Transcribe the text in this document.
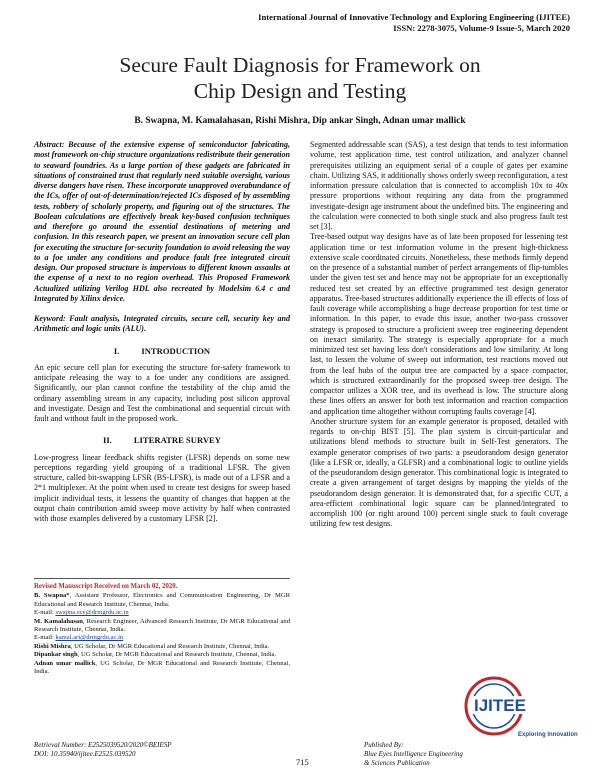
International Journal of Innovative Technology and Exploring Engineering (IJITEE)
ISSN: 2278-3075, Volume-9 Issue-5, March 2020
Secure Fault Diagnosis for Framework on
Chip Design and Testing
B. Swapna, M. Kamalahasan, Rishi Mishra, Dip ankar Singh, Adnan umar mallick

Abstract: Because of the extensive expense of semiconductor fabricating, most framework on-chip structure organizations redistribute their generation to seaward foundries. As a large portion of these gadgets are fabricated in situations of constrained trust that regularly need suitable oversight, various diverse dangers have risen. These incorporate unapproved overabundance of the ICs, offer of out-of-determination/rejected ICs disposed of by assembling tests, robbery of scholarly property, and figuring out of the structures. The Boolean calculations are effectively break key-based confusion techniques and therefore go around the essential destinations of metering and confusion. In this research paper, we present an innovation secure cell plan for executing the structure for-security foundation to avoid releasing the way to a foe under any conditions and produce fault free integrated circuit design. Our proposed structure is impervious to different known assaults at the expense of a next to no region overhead. This Proposed Framework Actualized utilizing Verilog HDL also recreated by Modelsim 6.4 c and Integrated by Xilinx device.

Keyword: Fault analysis, Integrated circuits, secure cell, security key and Arithmetic and logic units (ALU).

I.	INTRODUCTION

An epic secure cell plan for executing the structure for-safety framework to anticipate releasing the way to a foe under any conditions are assigned. Significantly, our plan cannot confine the testability of the chip amid the ordinary assembling stream in any capacity, including post silicon approval and investigate. Design and Test the combinational and sequential circuit with fault and without fault in the proposed work.

II.	LITERATRE SURVEY

Low-progress linear feedback shifts register (LFSR) depends on some new perceptions regarding yield grouping of a traditional LFSR. The given structure, called bit-swapping LFSR (BS-LFSR), is made out of a LFSR and a 2*1 multiplexer. At the point when used to create test designs for sweep based implicit individual tests, it lessens the quantity of changes that happen at the output chain contribution amid sweep move activity by half when contrasted with those examples delivered by a customary LFSR [2].

Revised Manuscript Received on March 02, 2020.
B. Swapna*, Assistant Professor, Electronics and Communication Engineering, Dr MGR Educational and Research Institute, Chennai, India.
E-mail: swapna.ece@drmgrdu.ac.in
M. Kamalahasan, Research Engineer, Advanced Research Institute, Dr MGR Educational and Research Institute, Chennai, India.
E-mail: kamal.ari@drmgrdu.ac.in
Rishi Mishra, UG Scholar, Dr MGR Educational and Research Institute, Chennai, India.
Dipankar singh, UG Scholar, Dr MGR Educational and Research Institute, Chennai, India.
Adnan umar mallick, UG Scholar, Dr MGR Educational and Research Institute, Chennai, India.

Segmented addressable scan (SAS), a test design that tends to test information volume, test application time, test control utilization, and analyzer channel prerequisites utilizing an equipment serial of a couple of gates per examine chain. Utilizing SAS, it additionally shows orderly sweep reconfiguration, a test information pressure calculation that is connected to accomplish 10x to 40x pressure proportions without requiring any data from the programmed investigate-design age instrument about the undefined bits. The engineering and the calculation were connected to both single stuck and also progress fault test set [3].

Tree-based output way designs have as of late been proposed for lessening test application time or test information volume in the present high-thickness extensive scale coordinated circuits. Nonetheless, these methods firmly depend on the presence of a substantial number of perfect arrangements of flip-tumbles under the given test set and hence may not be appropriate for an exceptionally reduced test set created by an effective programmed test design generator apparatus. Tree-based structures additionally experience the ill effects of loss of fault coverage while accomplishing a huge decrease proportion for test time or information. In this paper, to evade this issue, another two-pass crossover strategy is proposed to structure a proficient sweep tree engineering dependent on inexact similarity. The strategy is especially appropriate for a much minimized test set having less don't considerations and low similarity. At long last, to lessen the volume of sweep out information, test reactions moved out from the leaf hubs of the output tree are compacted by a space compactor, which is structured extraordinarily for the proposed sweep tree design. The compactor utilizes a XOR tree, and its overhead is low. The structure along these lines offers an answer for both test information and reaction compaction and application time altogether without corrupting faults coverage [4].

Another structure system for an example generator is proposed, detailed with regards to on-chip BIST [5]. The plan system is circuit-particular and utilizations blend methods to structure built in Self-Test generators. The example generator comprises of two parts: a pseudorandom design generator (like a LFSR or, ideally, a GLFSR) and a combinational logic to outline yields of the pseudorandom design generator. This combinational logic is integrated to create a given arrangement of target designs by mapping the yields of the pseudorandom design generator. It is demonstrated that, for a specific CUT, a area-efficient combinational logic square can be planned/integrated to accomplish 100 (or right around 100) percent single stuck to fault coverage utilizing few test designs.

IJITEE
Exploring Innovation
Retrieval Number: E2525039520/2020©BEIESP
DOI: 10.35940/ijitee.E2525.039520
715
Published By:
Blue Eyes Intelligence Engineering
& Sciences Publication
